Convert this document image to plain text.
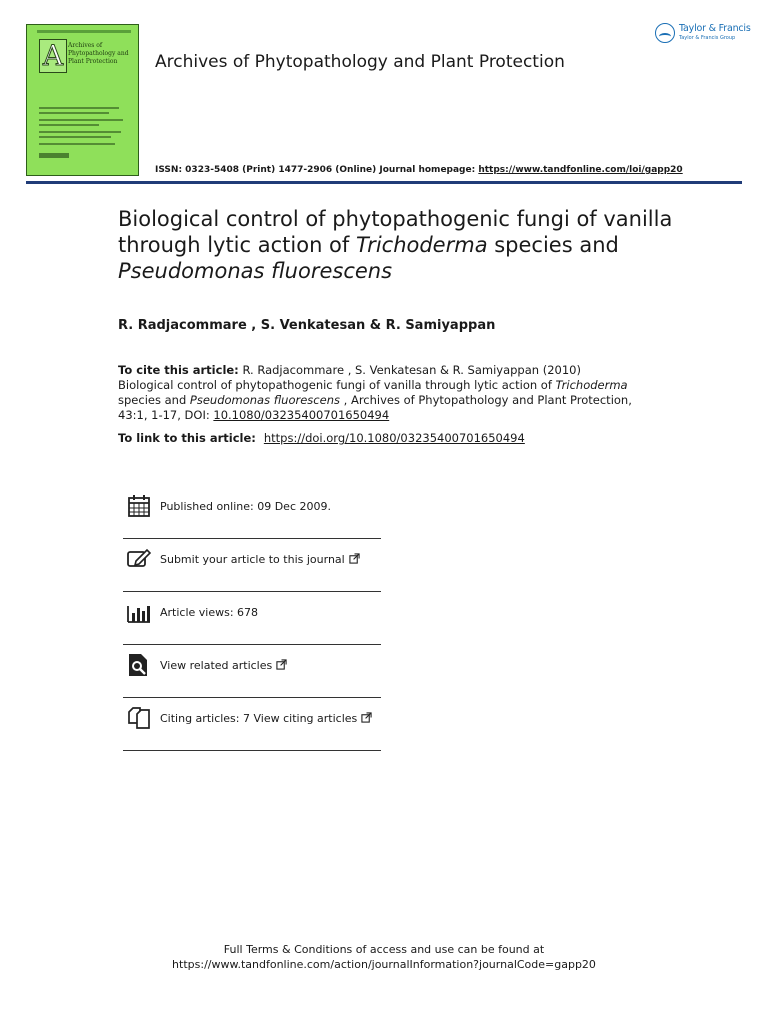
A Archives of
Phytopathology and
Plant Protection Archives of Phytopathology and Plant Protection
Taylor & Francis
Taylor & Francis Group
ISSN: 0323-5408 (Print) 1477-2906 (Online) Journal homepage: https://www.tandfonline.com/loi/gapp20
Biological control of phytopathogenic fungi of vanilla through lytic action of Trichoderma species and Pseudomonas fluorescens
R. Radjacommare , S. Venkatesan & R. Samiyappan
To cite this article: R. Radjacommare , S. Venkatesan & R. Samiyappan (2010) Biological control of phytopathogenic fungi of vanilla through lytic action of Trichoderma species and Pseudomonas fluorescens , Archives of Phytopathology and Plant Protection, 43:1, 1-17, DOI: 10.1080/03235400701650494
To link to this article: https://doi.org/10.1080/03235400701650494
Published online: 09 Dec 2009.
Submit your article to this journal
Article views: 678
View related articles
Citing articles: 7 View citing articles
Full Terms & Conditions of access and use can be found at
https://www.tandfonline.com/action/journalInformation?journalCode=gapp20
